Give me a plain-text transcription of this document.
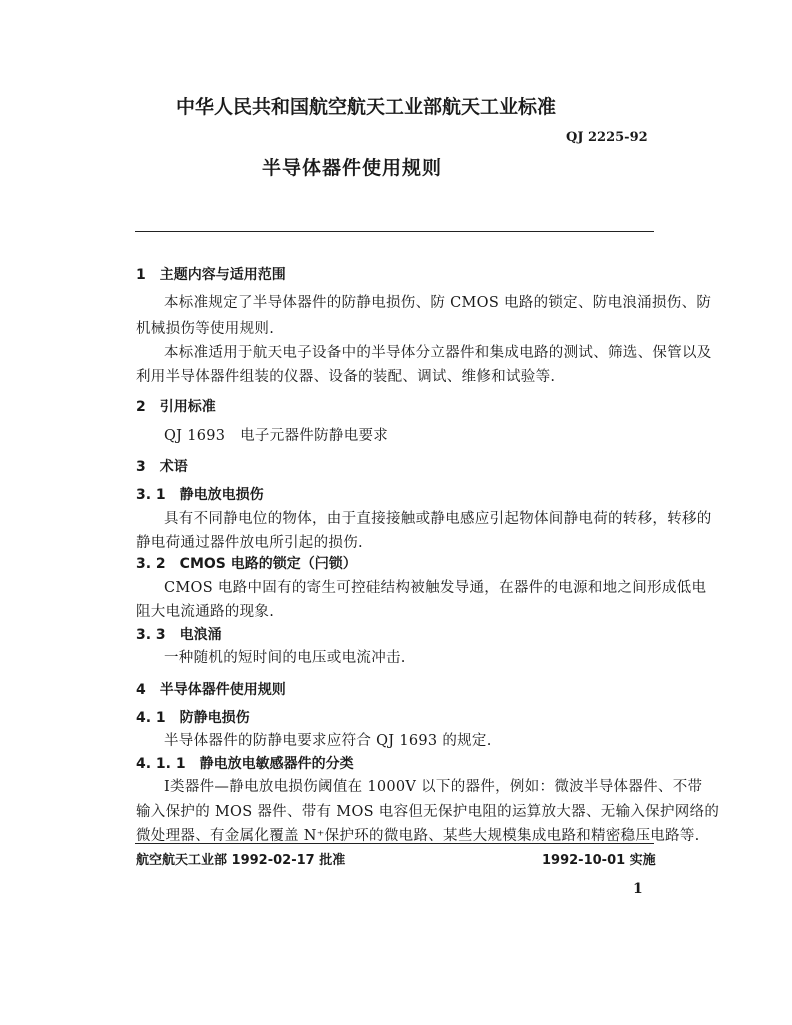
中华人民共和国航空航天工业部航天工业标准
QJ 2225-92
半导体器件使用规则
1　主题内容与适用范围
本标准规定了半导体器件的防静电损伤、防 CMOS 电路的锁定、防电浪涌损伤、防
机械损伤等使用规则.
本标准适用于航天电子设备中的半导体分立器件和集成电路的测试、筛选、保管以及
利用半导体器件组装的仪器、设备的装配、调试、维修和试验等.
2　引用标准
QJ 1693　电子元器件防静电要求
3　术语
3. 1　静电放电损伤
具有不同静电位的物体，由于直接接触或静电感应引起物体间静电荷的转移，转移的
静电荷通过器件放电所引起的损伤.
3. 2　CMOS 电路的锁定（闩锁）
CMOS 电路中固有的寄生可控硅结构被触发导通，在器件的电源和地之间形成低电
阻大电流通路的现象.
3. 3　电浪涌
一种随机的短时间的电压或电流冲击.
4　半导体器件使用规则
4. 1　防静电损伤
半导体器件的防静电要求应符合 QJ 1693 的规定.
4. 1. 1　静电放电敏感器件的分类
Ⅰ类器件—静电放电损伤阈值在 1000V 以下的器件，例如：微波半导体器件、不带
输入保护的 MOS 器件、带有 MOS 电容但无保护电阻的运算放大器、无输入保护网络的
微处理器、有金属化覆盖 N⁺保护环的微电路、某些大规模集成电路和精密稳压电路等.
航空航天工业部 1992-02-17 批准	1992-10-01 实施
1
